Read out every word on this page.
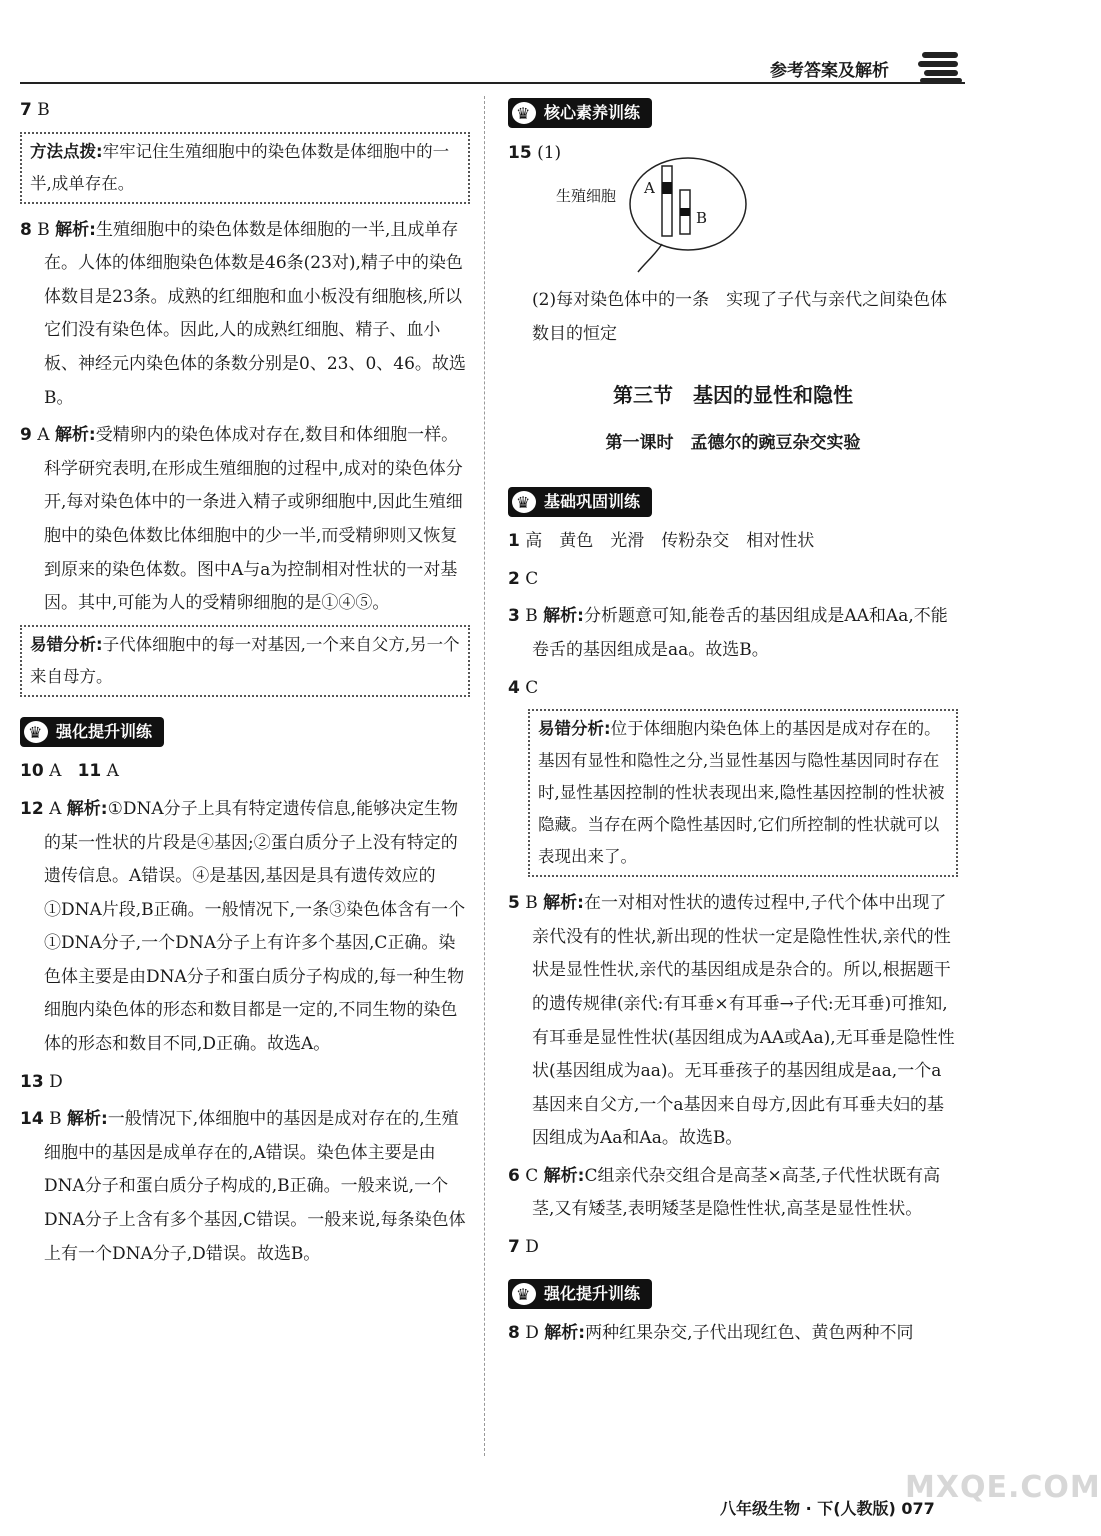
参考答案及解析
7 B
方法点拨:牢牢记住生殖细胞中的染色体数是体细胞中的一半,成单存在。
8 B 解析:生殖细胞中的染色体数是体细胞的一半,且成单存在。人体的体细胞染色体数是46条(23对),精子中的染色体数目是23条。成熟的红细胞和血小板没有细胞核,所以它们没有染色体。因此,人的成熟红细胞、精子、血小板、神经元内染色体的条数分别是0、23、0、46。故选B。
9 A 解析:受精卵内的染色体成对存在,数目和体细胞一样。科学研究表明,在形成生殖细胞的过程中,成对的染色体分开,每对染色体中的一条进入精子或卵细胞中,因此生殖细胞中的染色体数比体细胞中的少一半,而受精卵则又恢复到原来的染色体数。图中A与a为控制相对性状的一对基因。其中,可能为人的受精卵细胞的是①④⑤。
易错分析:子代体细胞中的每一对基因,一个来自父方,另一个来自母方。
♛
强化提升训练
10 A 11 A
12 A 解析:①DNA分子上具有特定遗传信息,能够决定生物的某一性状的片段是④基因;②蛋白质分子上没有特定的遗传信息。A错误。④是基因,基因是具有遗传效应的①DNA片段,B正确。一般情况下,一条③染色体含有一个①DNA分子,一个DNA分子上有许多个基因,C正确。染色体主要是由DNA分子和蛋白质分子构成的,每一种生物细胞内染色体的形态和数目都是一定的,不同生物的染色体的形态和数目不同,D正确。故选A。
13 D
14 B 解析:一般情况下,体细胞中的基因是成对存在的,生殖细胞中的基因是成单存在的,A错误。染色体主要是由DNA分子和蛋白质分子构成的,B正确。一般来说,一个DNA分子上含有多个基因,C错误。一般来说,每条染色体上有一个DNA分子,D错误。故选B。
♛
核心素养训练
15 (1)
生殖细胞 A
B
(2)每对染色体中的一条　实现了子代与亲代之间染色体数目的恒定
第三节　基因的显性和隐性
第一课时　孟德尔的豌豆杂交实验
♛
基础巩固训练
1 高　黄色　光滑　传粉杂交　相对性状
2 C
3 B 解析:分析题意可知,能卷舌的基因组成是AA和Aa,不能卷舌的基因组成是aa。故选B。
4 C
易错分析:位于体细胞内染色体上的基因是成对存在的。基因有显性和隐性之分,当显性基因与隐性基因同时存在时,显性基因控制的性状表现出来,隐性基因控制的性状被隐藏。当存在两个隐性基因时,它们所控制的性状就可以表现出来了。
5 B 解析:在一对相对性状的遗传过程中,子代个体中出现了亲代没有的性状,新出现的性状一定是隐性性状,亲代的性状是显性性状,亲代的基因组成是杂合的。所以,根据题干的遗传规律(亲代:有耳垂×有耳垂→子代:无耳垂)可推知,有耳垂是显性性状(基因组成为AA或Aa),无耳垂是隐性性状(基因组成为aa)。无耳垂孩子的基因组成是aa,一个a基因来自父方,一个a基因来自母方,因此有耳垂夫妇的基因组成为Aa和Aa。故选B。
6 C 解析:C组亲代杂交组合是高茎×高茎,子代性状既有高茎,又有矮茎,表明矮茎是隐性性状,高茎是显性性状。
7 D
♛
强化提升训练
8 D 解析:两种红果杂交,子代出现红色、黄色两种不同
八年级生物 · 下(人教版) 077
MXQE.COM
